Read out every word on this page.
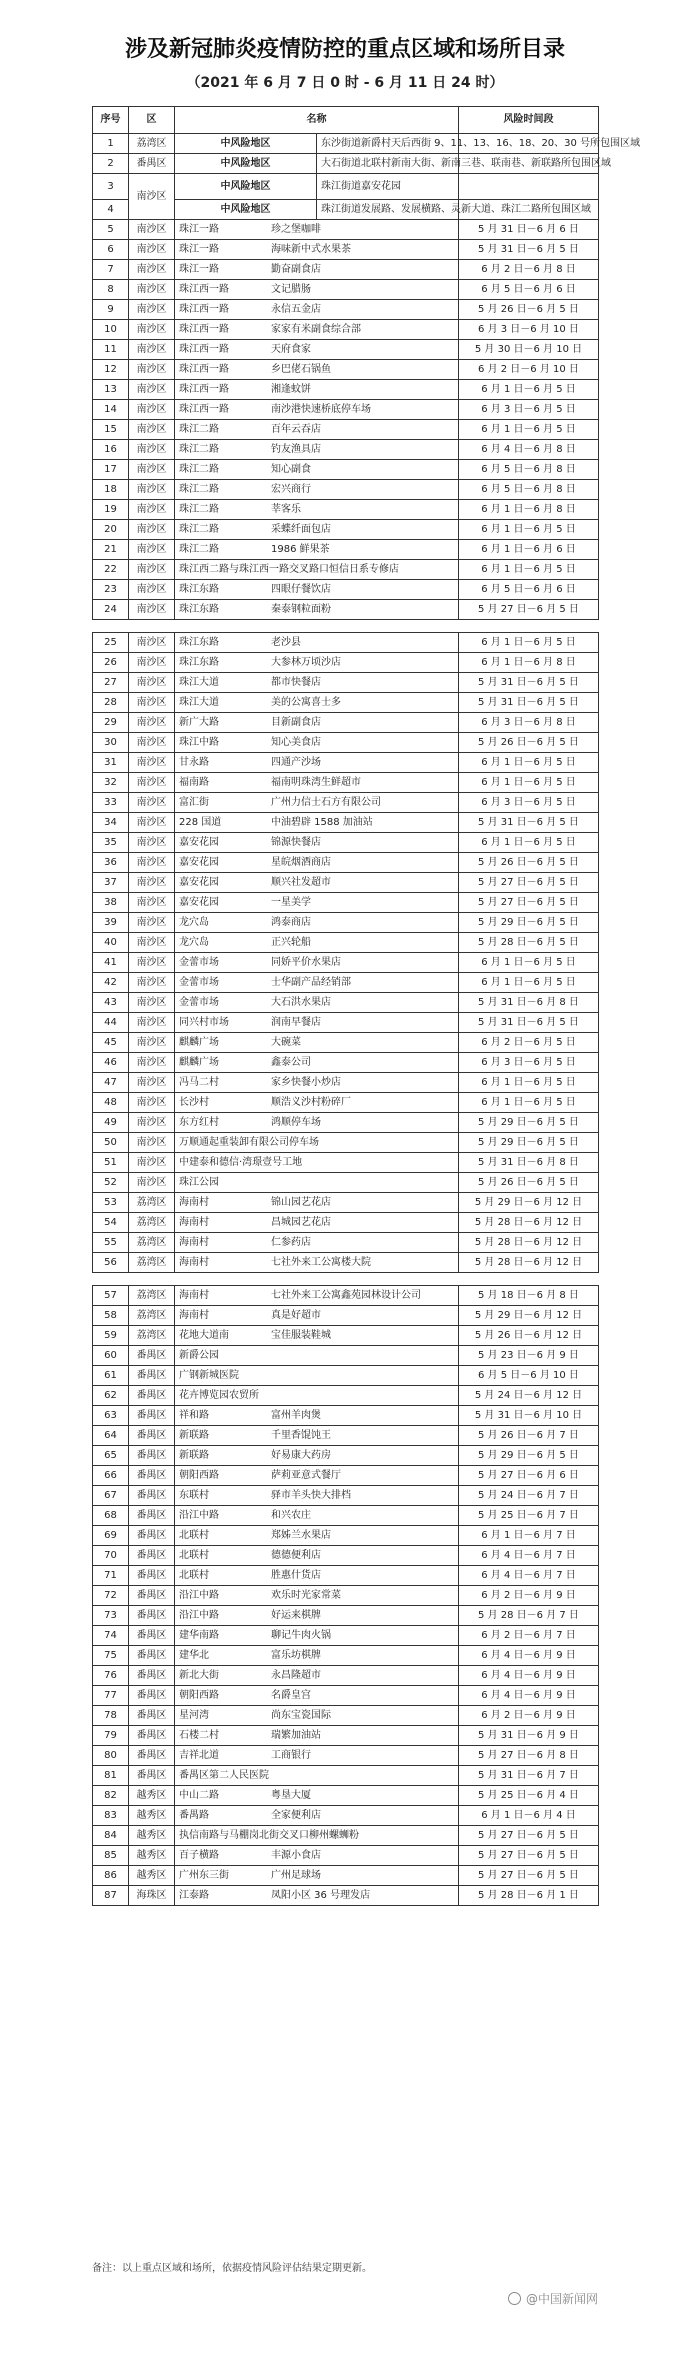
涉及新冠肺炎疫情防控的重点区域和场所目录
（2021 年 6 月 7 日 0 时 - 6 月 11 日 24 时）
序号	区	名称		风险时间段
1	荔湾区	中风险地区	东沙街道新爵村天后西街 9、11、13、16、18、20、30 号所包围区域	
2	番禺区	中风险地区	大石街道北联村新南大街、新南三巷、联南巷、新联路所包围区域	
3	南沙区	中风险地区	珠江街道嘉安花园	
4		中风险地区	珠江街道发展路、发展横路、灵新大道、珠江二路所包围区域	
5	南沙区	珠江一路 珍之堡咖啡		5 月 31 日－6 月 6 日
6	南沙区	珠江一路 海味新中式水果茶		5 月 31 日－6 月 5 日
7	南沙区	珠江一路 勤奋副食店		6 月 2 日－6 月 8 日
8	南沙区	珠江西一路 文记腊肠		6 月 5 日－6 月 6 日
9	南沙区	珠江西一路 永信五金店		5 月 26 日－6 月 5 日
10	南沙区	珠江西一路 家家有米副食综合部		6 月 3 日－6 月 10 日
11	南沙区	珠江西一路 天府食家		5 月 30 日－6 月 10 日
12	南沙区	珠江西一路 乡巴佬石锅鱼		6 月 2 日－6 月 10 日
13	南沙区	珠江西一路 湘逢蚊饼		6 月 1 日－6 月 5 日
14	南沙区	珠江西一路 南沙港快速桥底停车场		6 月 3 日－6 月 5 日
15	南沙区	珠江二路 百年云吞店		6 月 1 日－6 月 5 日
16	南沙区	珠江二路 钓友渔具店		6 月 4 日－6 月 8 日
17	南沙区	珠江二路 知心副食		6 月 5 日－6 月 8 日
18	南沙区	珠江二路 宏兴商行		6 月 5 日－6 月 8 日
19	南沙区	珠江二路 莘客乐		6 月 1 日－6 月 8 日
20	南沙区	珠江二路 采蝶纤面包店		6 月 1 日－6 月 5 日
21	南沙区	珠江二路 1986 鲜果茶		6 月 1 日－6 月 6 日
22	南沙区	珠江西二路与珠江西一路交叉路口恒信日系专修店		6 月 1 日－6 月 5 日
23	南沙区	珠江东路 四眼仔餐饮店		6 月 5 日－6 月 6 日
24	南沙区	珠江东路 秦泰钢粒面粉		5 月 27 日－6 月 5 日
25	南沙区	珠江东路 老沙县	6 月 1 日－6 月 5 日
26	南沙区	珠江东路 大参林万顷沙店	6 月 1 日－6 月 8 日
27	南沙区	珠江大道 都市快餐店	5 月 31 日－6 月 5 日
28	南沙区	珠江大道 美的公寓喜士多	5 月 31 日－6 月 5 日
29	南沙区	新广大路 目新副食店	6 月 3 日－6 月 8 日
30	南沙区	珠江中路 知心美食店	5 月 26 日－6 月 5 日
31	南沙区	甘永路 四通产沙场	6 月 1 日－6 月 5 日
32	南沙区	福南路 福南明珠湾生鲜超市	6 月 1 日－6 月 5 日
33	南沙区	富汇街 广州力信士石方有限公司	6 月 3 日－6 月 5 日
34	南沙区	228 国道 中油碧辟 1588 加油站	5 月 31 日－6 月 5 日
35	南沙区	嘉安花园 锦源快餐店	6 月 1 日－6 月 5 日
36	南沙区	嘉安花园 星皖烟酒商店	5 月 26 日－6 月 5 日
37	南沙区	嘉安花园 顺兴社发超市	5 月 27 日－6 月 5 日
38	南沙区	嘉安花园 一星美学	5 月 27 日－6 月 5 日
39	南沙区	龙穴岛 鸿泰商店	5 月 29 日－6 月 5 日
40	南沙区	龙穴岛 正兴轮船	5 月 28 日－6 月 5 日
41	南沙区	金蕾市场 同娇平价水果店	6 月 1 日－6 月 5 日
42	南沙区	金蕾市场 士华副产品经销部	6 月 1 日－6 月 5 日
43	南沙区	金蕾市场 大石洪水果店	5 月 31 日－6 月 8 日
44	南沙区	同兴村市场 润南早餐店	5 月 31 日－6 月 5 日
45	南沙区	麒麟广场 大碗菜	6 月 2 日－6 月 5 日
46	南沙区	麒麟广场 鑫泰公司	6 月 3 日－6 月 5 日
47	南沙区	冯马二村 家乡快餐小炒店	6 月 1 日－6 月 5 日
48	南沙区	长沙村 顺浩义沙村粉碎厂	6 月 1 日－6 月 5 日
49	南沙区	东方红村 鸿顺停车场	5 月 29 日－6 月 5 日
50	南沙区	万顺通起重装卸有限公司停车场	5 月 29 日－6 月 5 日
51	南沙区	中建泰和德信·湾璟壹号工地	5 月 31 日－6 月 8 日
52	南沙区	珠江公园	5 月 26 日－6 月 5 日
53	荔湾区	海南村 锦山园艺花店	5 月 29 日－6 月 12 日
54	荔湾区	海南村 昌城园艺花店	5 月 28 日－6 月 12 日
55	荔湾区	海南村 仁参药店	5 月 28 日－6 月 12 日
56	荔湾区	海南村 七社外来工公寓楼大院	5 月 28 日－6 月 12 日
57	荔湾区	海南村 七社外来工公寓鑫苑园林设计公司	5 月 18 日－6 月 8 日
58	荔湾区	海南村 真是好超市	5 月 29 日－6 月 12 日
59	荔湾区	花地大道南 宝佳服装鞋城	5 月 26 日－6 月 12 日
60	番禺区	新爵公园	5 月 23 日－6 月 9 日
61	番禺区	广钢新城医院	6 月 5 日－6 月 10 日
62	番禺区	花卉博览园农贸所	5 月 24 日－6 月 12 日
63	番禺区	祥和路 富州羊肉煲	5 月 31 日－6 月 10 日
64	番禺区	新联路 千里香馄饨王	5 月 26 日－6 月 7 日
65	番禺区	新联路 好易康大药房	5 月 29 日－6 月 5 日
66	番禺区	朝阳西路 萨莉亚意式餐厅	5 月 27 日－6 月 6 日
67	番禺区	东联村 驿市羊头快大排档	5 月 24 日－6 月 7 日
68	番禺区	沿江中路 和兴农庄	5 月 25 日－6 月 7 日
69	番禺区	北联村 郑姊兰水果店	6 月 1 日－6 月 7 日
70	番禺区	北联村 德德便利店	6 月 4 日－6 月 7 日
71	番禺区	北联村 胜惠什货店	6 月 4 日－6 月 7 日
72	番禺区	沿江中路 欢乐时光家常菜	6 月 2 日－6 月 9 日
73	番禺区	沿江中路 好运来棋牌	5 月 28 日－6 月 7 日
74	番禺区	建华南路 聊记牛肉火锅	6 月 2 日－6 月 7 日
75	番禺区	建华北 富乐坊棋牌	6 月 4 日－6 月 9 日
76	番禺区	新北大街 永昌隆超市	6 月 4 日－6 月 9 日
77	番禺区	朝阳西路 名爵皇宫	6 月 4 日－6 月 9 日
78	番禺区	星河湾 尚东宝瓷国际	6 月 2 日－6 月 9 日
79	番禺区	石楼二村 瑞繁加油站	5 月 31 日－6 月 9 日
80	番禺区	吉祥北道 工商银行	5 月 27 日－6 月 8 日
81	番禺区	番禺区第二人民医院	5 月 31 日－6 月 7 日
82	越秀区	中山二路 粤垦大厦	5 月 25 日－6 月 4 日
83	越秀区	番禺路 全家便利店	6 月 1 日－6 月 4 日
84	越秀区	执信南路与马棚岗北街交叉口柳州螺蛳粉	5 月 27 日－6 月 5 日
85	越秀区	百子横路 丰源小食店	5 月 27 日－6 月 5 日
86	越秀区	广州东三街 广州足球场	5 月 27 日－6 月 5 日
87	海珠区	江泰路 凤阳小区 36 号理发店	5 月 28 日－6 月 1 日
备注：以上重点区域和场所，依据疫情风险评估结果定期更新。
@中国新闻网
